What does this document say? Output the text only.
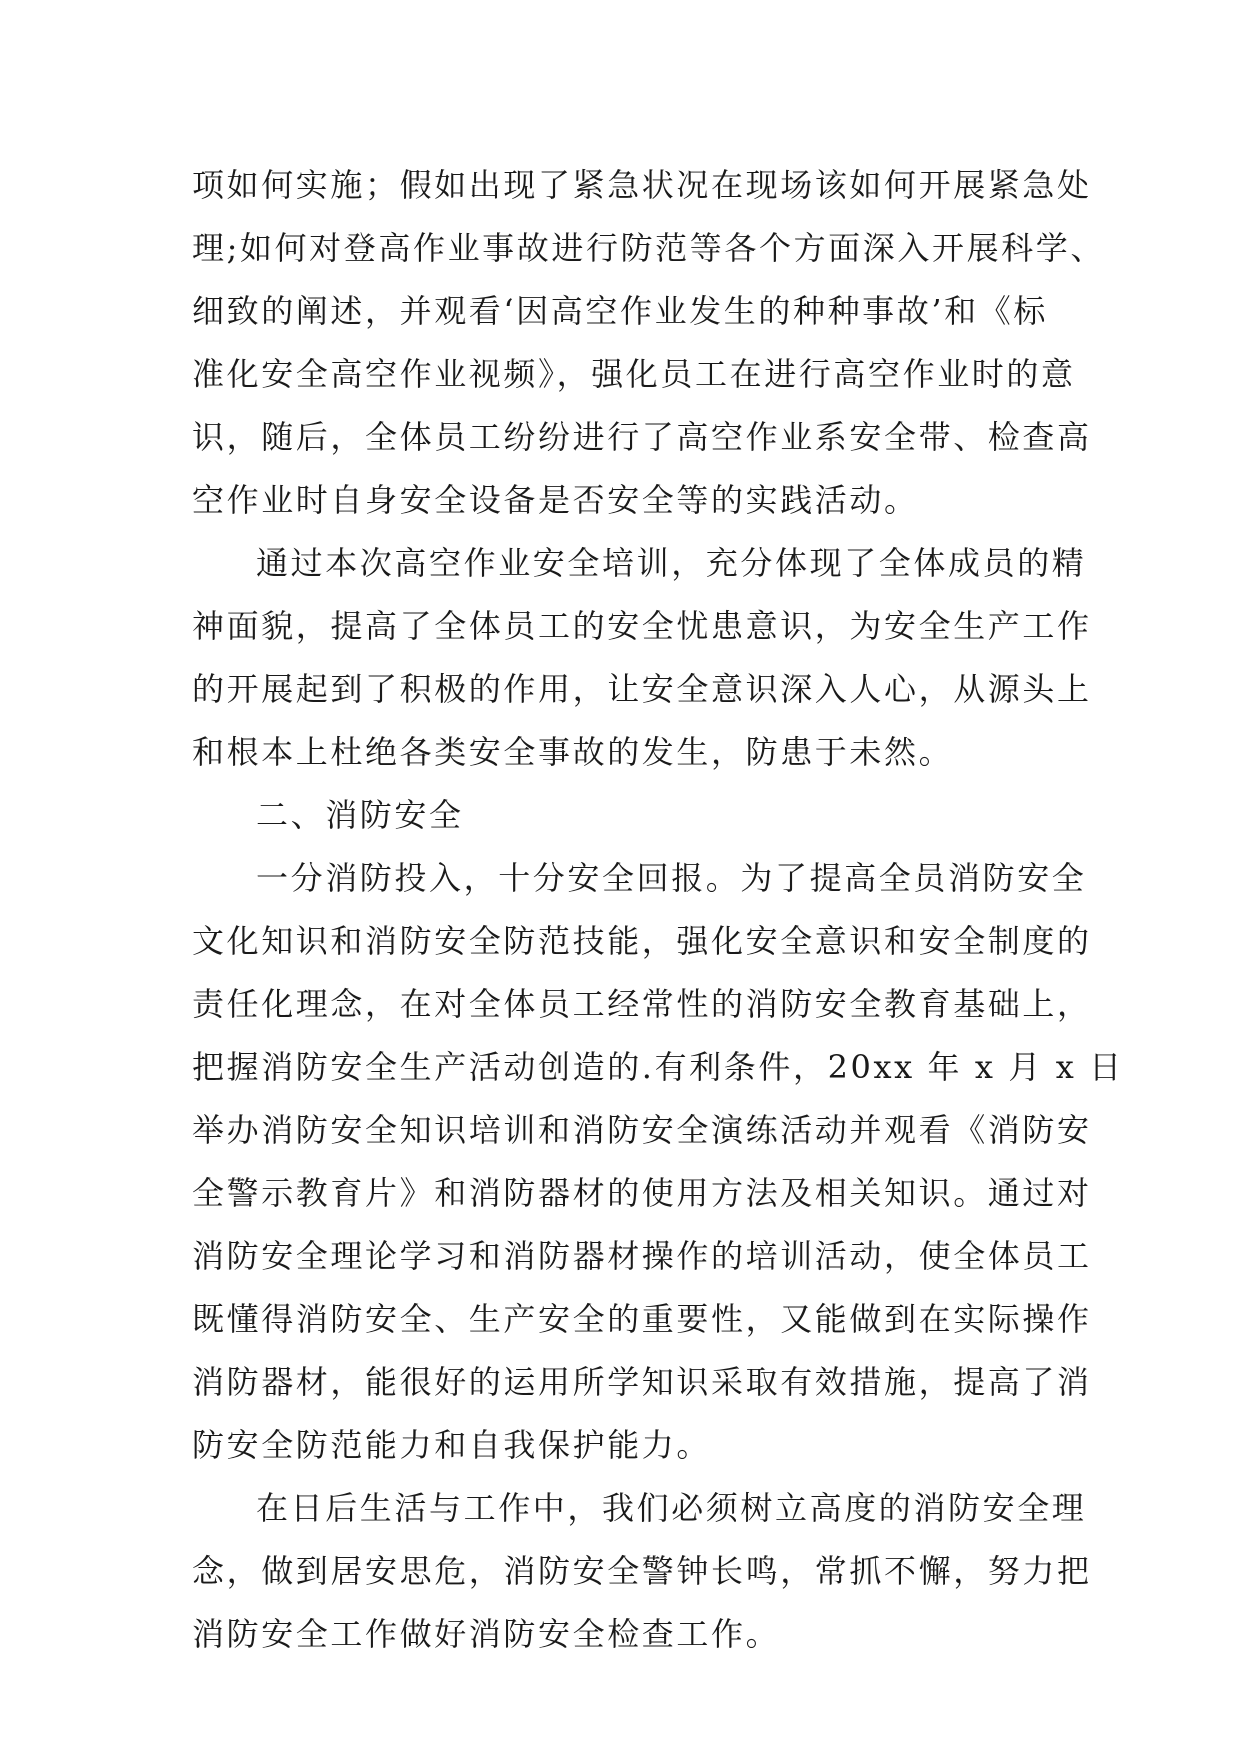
项如何实施；假如出现了紧急状况在现场该如何开展紧急处
理;如何对登高作业事故进行防范等各个方面深入开展科学、
细致的阐述，并观看‘因高空作业发生的种种事故’和《标
准化安全高空作业视频》，强化员工在进行高空作业时的意
识，随后，全体员工纷纷进行了高空作业系安全带、检查高
空作业时自身安全设备是否安全等的实践活动。
通过本次高空作业安全培训，充分体现了全体成员的精
神面貌，提高了全体员工的安全忧患意识，为安全生产工作
的开展起到了积极的作用，让安全意识深入人心，从源头上
和根本上杜绝各类安全事故的发生，防患于未然。
二、消防安全
一分消防投入，十分安全回报。为了提高全员消防安全
文化知识和消防安全防范技能，强化安全意识和安全制度的
责任化理念，在对全体员工经常性的消防安全教育基础上，
把握消防安全生产活动创造的.有利条件，20xx 年 x 月 x 日
举办消防安全知识培训和消防安全演练活动并观看《消防安
全警示教育片》和消防器材的使用方法及相关知识。通过对
消防安全理论学习和消防器材操作的培训活动，使全体员工
既懂得消防安全、生产安全的重要性，又能做到在实际操作
消防器材，能很好的运用所学知识采取有效措施，提高了消
防安全防范能力和自我保护能力。
在日后生活与工作中，我们必须树立高度的消防安全理
念，做到居安思危，消防安全警钟长鸣，常抓不懈，努力把
消防安全工作做好消防安全检查工作。
